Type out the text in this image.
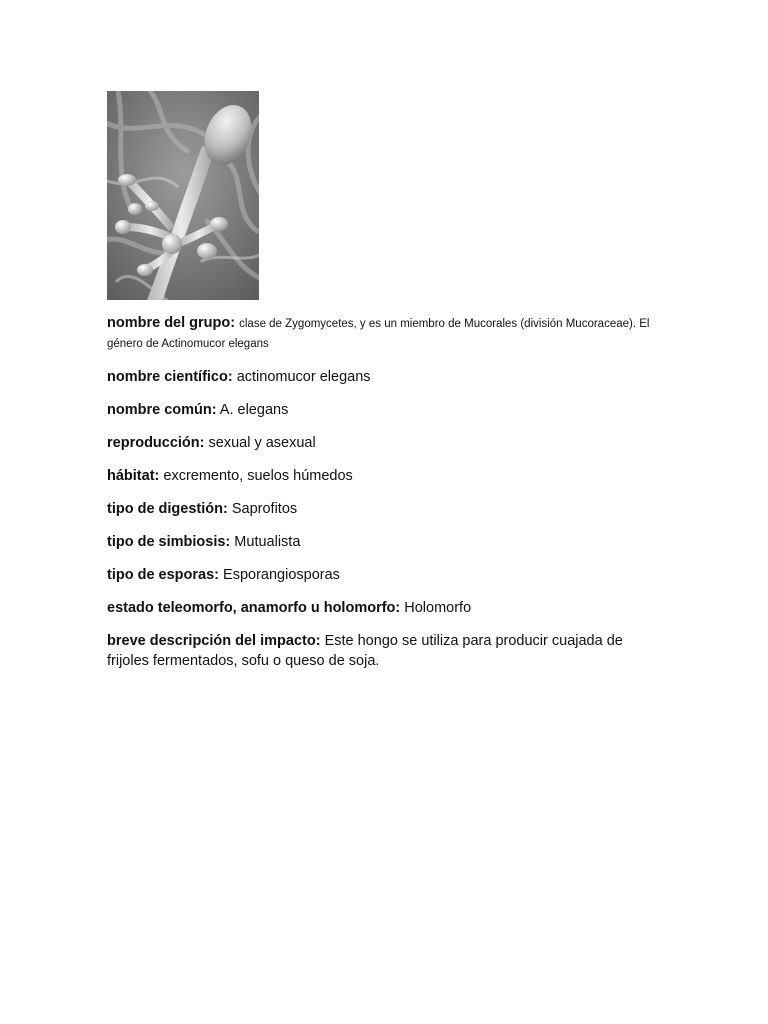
nombre del grupo: clase de Zygomycetes, y es un miembro de Mucorales (división Mucoraceae). El género de Actinomucor elegans

nombre científico: actinomucor elegans

nombre común: A. elegans

reproducción: sexual y asexual

hábitat: excremento, suelos húmedos

tipo de digestión: Saprofitos

tipo de simbiosis: Mutualista

tipo de esporas: Esporangiosporas

estado teleomorfo, anamorfo u holomorfo: Holomorfo

breve descripción del impacto: Este hongo se utiliza para producir cuajada de frijoles fermentados, sofu o queso de soja.
